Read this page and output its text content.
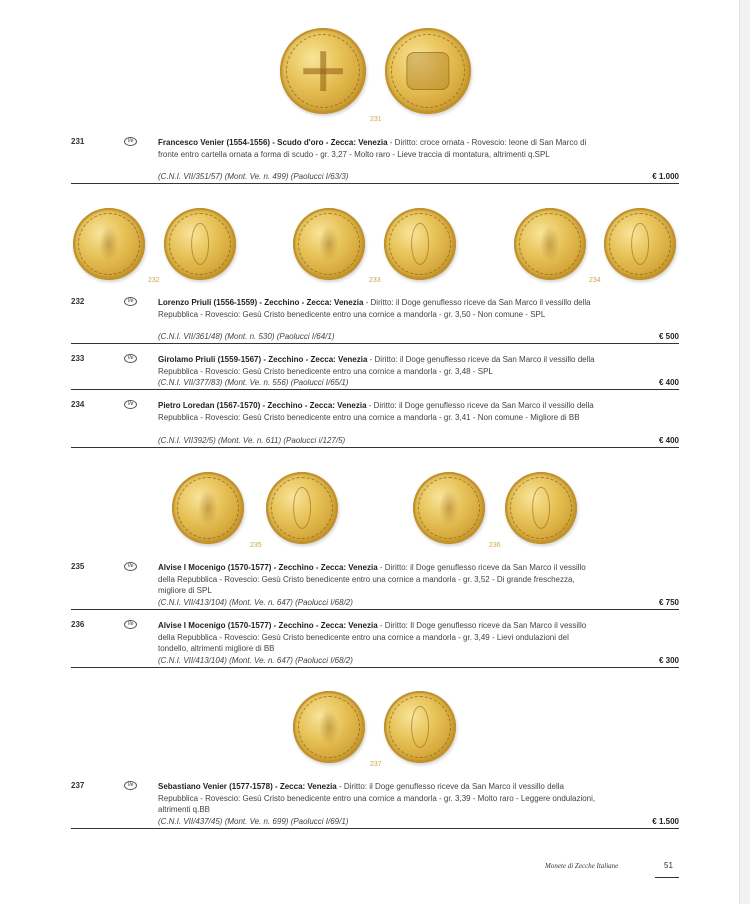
231
232	233	234
235	236
237
231	Ve	Francesco Venier (1554-1556) - Scudo d'oro - Zecca: Venezia - Diritto: croce ornata - Rovescio: leone di San Marco di fronte entro cartella ornata a forma di scudo - gr. 3,27 - Molto raro - Lieve traccia di montatura, altrimenti q.SPL
(C.N.I. VII/351/57) (Mont. Ve. n. 499) (Paolucci I/63/3)	€ 1.000
232	Ve	Lorenzo Priuli (1556-1559) - Zecchino - Zecca: Venezia - Diritto: il Doge genuflesso riceve da San Marco il vessillo della Repubblica - Rovescio: Gesù Cristo benedicente entro una cornice a mandorla - gr. 3,50 - Non comune - SPL
(C.N.I. VII/361/48) (Mont. n. 530) (Paolucci I/64/1)	€ 500
233	Ve	Girolamo Priuli (1559-1567) - Zecchino - Zecca: Venezia - Diritto: il Doge genuflesso riceve da San Marco il vessillo della Repubblica - Rovescio: Gesù Cristo benedicente entro una cornice a mandorla - gr. 3,48 - SPL
(C.N.I. VII/377/83) (Mont. Ve. n. 556) (Paolucci I/65/1)	€ 400
234	Ve	Pietro Loredan (1567-1570) - Zecchino - Zecca: Venezia - Diritto: il Doge genuflesso riceve da San Marco il vessillo della Repubblica - Rovescio: Gesù Cristo benedicente entro una cornice a mandorla - gr. 3,41 - Non comune - Migliore di BB
(C.N.I. VII392/5) (Mont. Ve. n. 611) (Paolucci i/127/5)	€ 400
235	Ve	Alvise I Mocenigo (1570-1577) - Zecchino - Zecca: Venezia - Diritto: il Doge genuflesso riceve da San Marco il vessillo della Repubblica - Rovescio: Gesù Cristo benedicente entro una cornice a mandorla - gr. 3,52 - Di grande freschezza, migliore di SPL
(C.N.I. VII/413/104) (Mont. Ve. n. 647) (Paolucci I/68/2)	€ 750
236	Ve	Alvise I Mocenigo (1570-1577) - Zecchino - Zecca: Venezia - Diritto: Il Doge genuflesso riceve da San Marco il vessillo della Repubblica - Rovescio: Gesù Cristo benedicente entro una cornice a mandorla - gr. 3,49 - Lievi ondulazioni del tondello, altrimenti migliore di BB
(C.N.I. VII/413/104) (Mont. Ve. n. 647) (Paolucci I/68/2)	€ 300
237	Ve	Sebastiano Venier (1577-1578) - Zecca: Venezia - Diritto: il Doge genuflesso riceve da San Marco il vessillo della Repubblica - Rovescio: Gesù Cristo benedicente entro una cornice a mandorla - gr. 3,39 - Molto raro - Leggere ondulazioni, altrimenti q.BB
(C.N.I. VII/437/45) (Mont. Ve. n. 699) (Paolucci I/69/1)	€ 1.500
Monete di Zecche Italiane	51
